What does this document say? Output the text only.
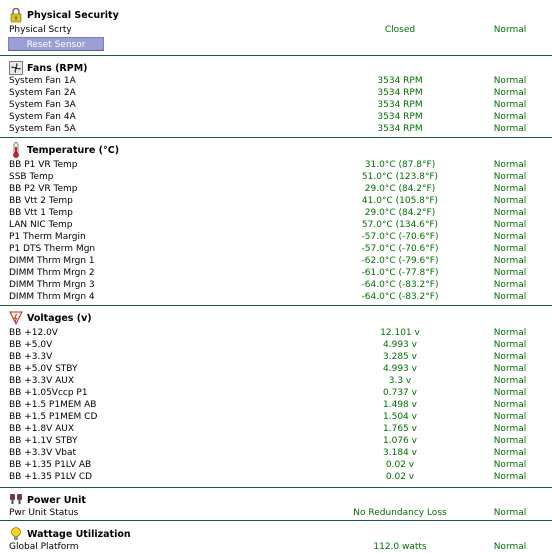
Physical Security
Physical Scrty	Closed	Normal
Reset Sensor
Fans (RPM)
System Fan 1A	3534 RPM	Normal
System Fan 2A	3534 RPM	Normal
System Fan 3A	3534 RPM	Normal
System Fan 4A	3534 RPM	Normal
System Fan 5A	3534 RPM	Normal
Temperature (°C)
BB P1 VR Temp	31.0°C (87.8°F)	Normal
SSB Temp	51.0°C (123.8°F)	Normal
BB P2 VR Temp	29.0°C (84.2°F)	Normal
BB Vtt 2 Temp	41.0°C (105.8°F)	Normal
BB Vtt 1 Temp	29.0°C (84.2°F)	Normal
LAN NIC Temp	57.0°C (134.6°F)	Normal
P1 Therm Margin	-57.0°C (-70.6°F)	Normal
P1 DTS Therm Mgn	-57.0°C (-70.6°F)	Normal
DIMM Thrm Mrgn 1	-62.0°C (-79.6°F)	Normal
DIMM Thrm Mrgn 2	-61.0°C (-77.8°F)	Normal
DIMM Thrm Mrgn 3	-64.0°C (-83.2°F)	Normal
DIMM Thrm Mrgn 4	-64.0°C (-83.2°F)	Normal
Voltages (v)
BB +12.0V	12.101 v	Normal
BB +5.0V	4.993 v	Normal
BB +3.3V	3.285 v	Normal
BB +5.0V STBY	4.993 v	Normal
BB +3.3V AUX	3.3 v	Normal
BB +1.05Vccp P1	0.737 v	Normal
BB +1.5 P1MEM AB	1.498 v	Normal
BB +1.5 P1MEM CD	1.504 v	Normal
BB +1.8V AUX	1.765 v	Normal
BB +1.1V STBY	1.076 v	Normal
BB +3.3V Vbat	3.184 v	Normal
BB +1.35 P1LV AB	0.02 v	Normal
BB +1.35 P1LV CD	0.02 v	Normal
Power Unit
Pwr Unit Status	No Redundancy Loss	Normal
Wattage Utilization
Global Platform	112.0 watts	Normal
